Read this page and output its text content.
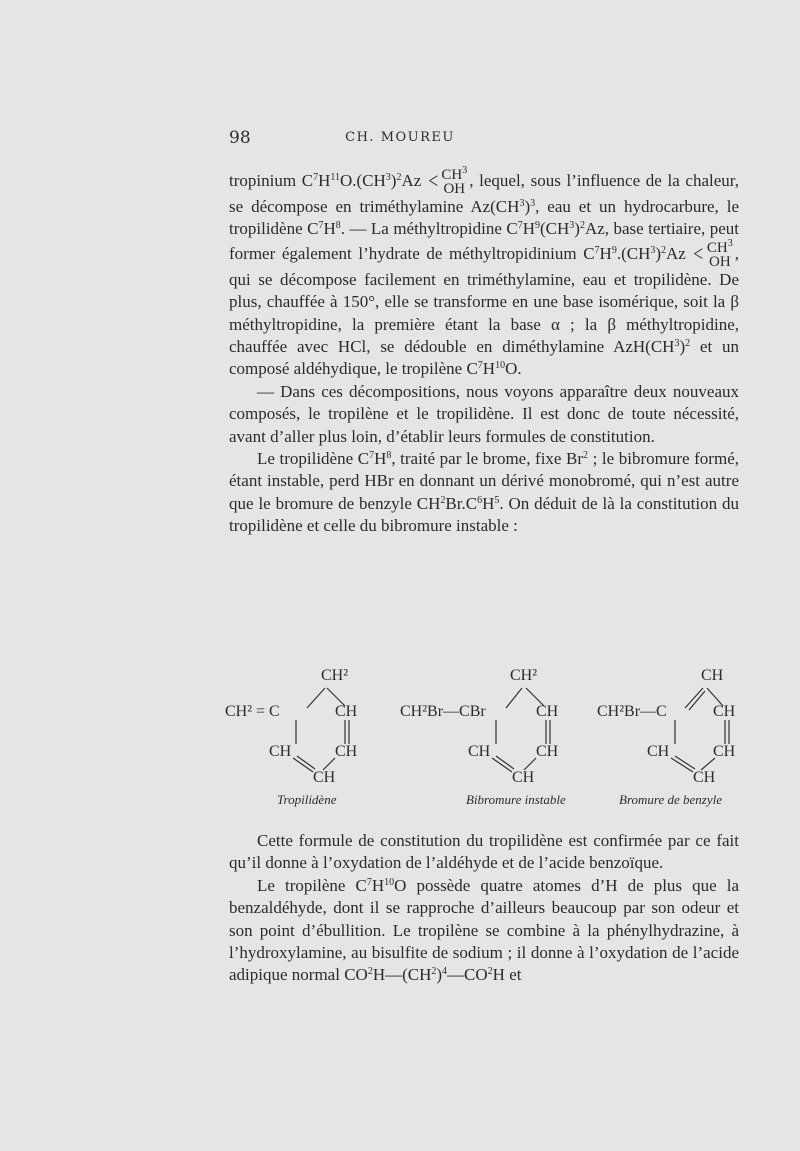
98	CH. MOUREU

tropinium $C^7H^{11}O.(CH^3)^2Az < CH^3$
OH , lequel, sous l’influence de la chaleur, se décompose en triméthylamine $Az(CH^3)^3$, eau et un hydrocarbure, le tropilidène $C^7H^8$. — La méthyltropidine $C^7H^9(CH^3)^2Az$, base tertiaire, peut former également l’hydrate de méthyltropidinium $C^7H^9.(CH^3)^2Az < CH^3$
OH , qui se décompose facilement en triméthylamine, eau et tropilidène. De plus, chauffée à 150°, elle se transforme en une base isomérique, soit la β méthyltropidine, la première étant la base α ; la β méthyltropidine, chauffée avec HCl, se dédouble en diméthylamine $AzH(CH^3)^2$ et un composé aldéhydique, le tropilène $C^7H^{10}O$.

— Dans ces décompositions, nous voyons apparaître deux nouveaux composés, le tropilène et le tropilidène. Il est donc de toute nécessité, avant d’aller plus loin, d’établir leurs formules de constitution.

Le tropilidène $C^7H^8$, traité par le brome, fixe Br$^2$ ; le bibromure formé, étant instable, perd HBr en donnant un dérivé monobromé, qui n’est autre que le bromure de benzyle $CH^2Br.C^6H^5$. On déduit de là la constitution du tropilidène et celle du bibromure instable :

CH² = C
CH²
CH
CH	CH
CH
Tropilidène
CH²Br—CBr
CH²
CH
CH	CH
CH
Bibromure instable
CH²Br—C
CH
CH
CH	CH
CH
Bromure de benzyle

Cette formule de constitution du tropilidène est confirmée par ce fait qu’il donne à l’oxydation de l’aldéhyde et de l’acide benzoïque.

Le tropilène $C^7H^{10}O$ possède quatre atomes d’H de plus que la benzaldéhyde, dont il se rapproche d’ailleurs beaucoup par son odeur et son point d’ébullition. Le tropilène se combine à la phénylhydrazine, à l’hydroxylamine, au bisulfite de sodium ; il donne à l’oxydation de l’acide adipique normal $CO^2H—(CH^2)^4—CO^2H$ et
